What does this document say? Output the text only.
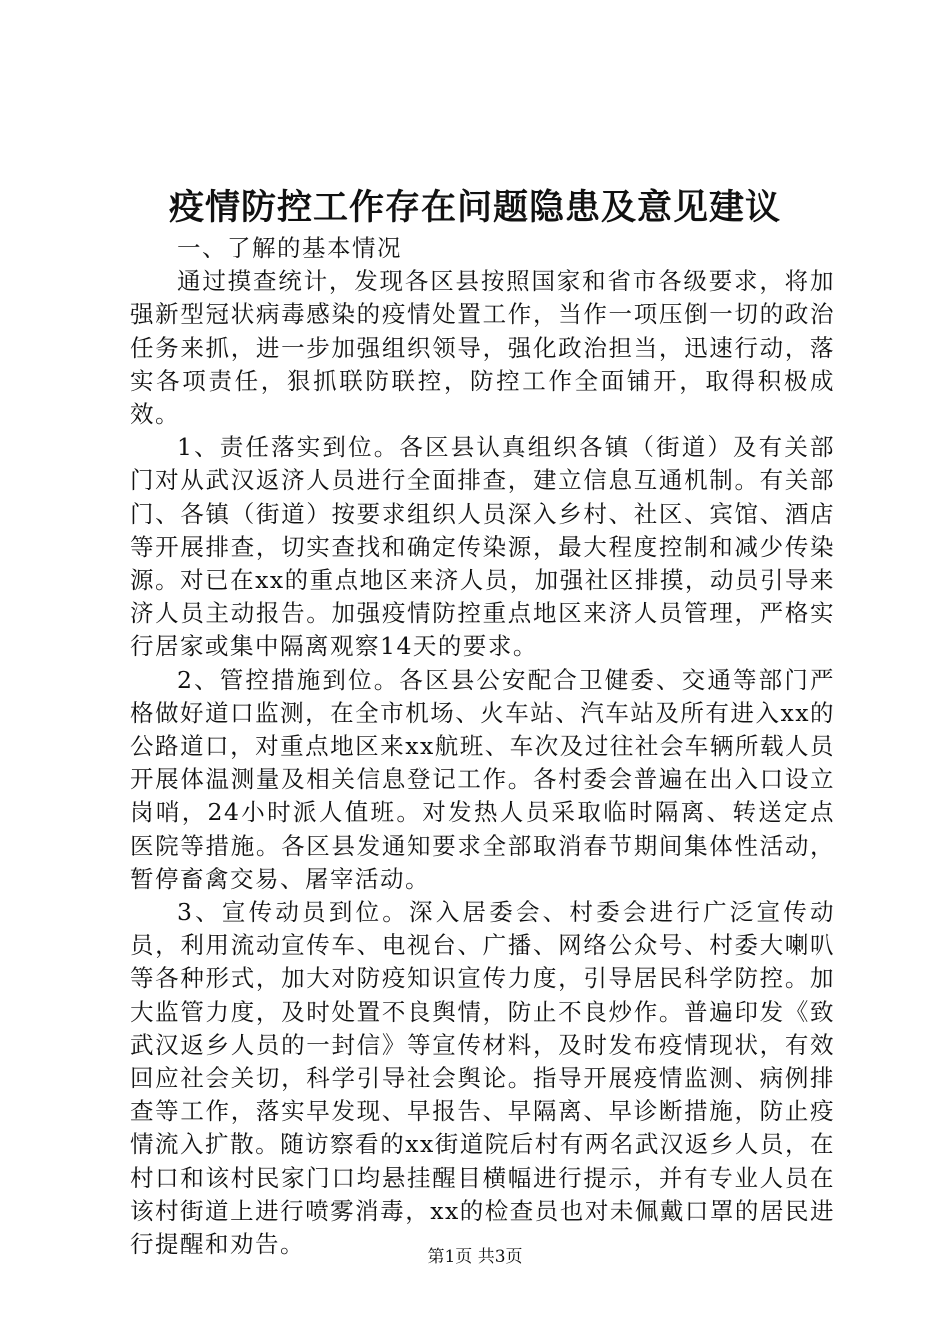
疫情防控工作存在问题隐患及意见建议

一、了解的基本情况

通过摸查统计，发现各区县按照国家和省市各级要求，将加强新型冠状病毒感染的疫情处置工作，当作一项压倒一切的政治任务来抓，进一步加强组织领导，强化政治担当，迅速行动，落实各项责任，狠抓联防联控，防控工作全面铺开，取得积极成效。

1、责任落实到位。各区县认真组织各镇（街道）及有关部门对从武汉返济人员进行全面排查，建立信息互通机制。有关部门、各镇（街道）按要求组织人员深入乡村、社区、宾馆、酒店等开展排查，切实查找和确定传染源，最大程度控制和减少传染源。对已在xx的重点地区来济人员，加强社区排摸，动员引导来济人员主动报告。加强疫情防控重点地区来济人员管理，严格实行居家或集中隔离观察14天的要求。

2、管控措施到位。各区县公安配合卫健委、交通等部门严格做好道口监测，在全市机场、火车站、汽车站及所有进入xx的公路道口，对重点地区来xx航班、车次及过往社会车辆所载人员开展体温测量及相关信息登记工作。各村委会普遍在出入口设立岗哨，24小时派人值班。对发热人员采取临时隔离、转送定点医院等措施。各区县发通知要求全部取消春节期间集体性活动，暂停畜禽交易、屠宰活动。

3、宣传动员到位。深入居委会、村委会进行广泛宣传动员，利用流动宣传车、电视台、广播、网络公众号、村委大喇叭等各种形式，加大对防疫知识宣传力度，引导居民科学防控。加大监管力度，及时处置不良舆情，防止不良炒作。普遍印发《致武汉返乡人员的一封信》等宣传材料，及时发布疫情现状，有效回应社会关切，科学引导社会舆论。指导开展疫情监测、病例排查等工作，落实早发现、早报告、早隔离、早诊断措施，防止疫情流入扩散。随访察看的xx街道院后村有两名武汉返乡人员，在村口和该村民家门口均悬挂醒目横幅进行提示，并有专业人员在该村街道上进行喷雾消毒，xx的检查员也对未佩戴口罩的居民进行提醒和劝告。	第1页 共3页
